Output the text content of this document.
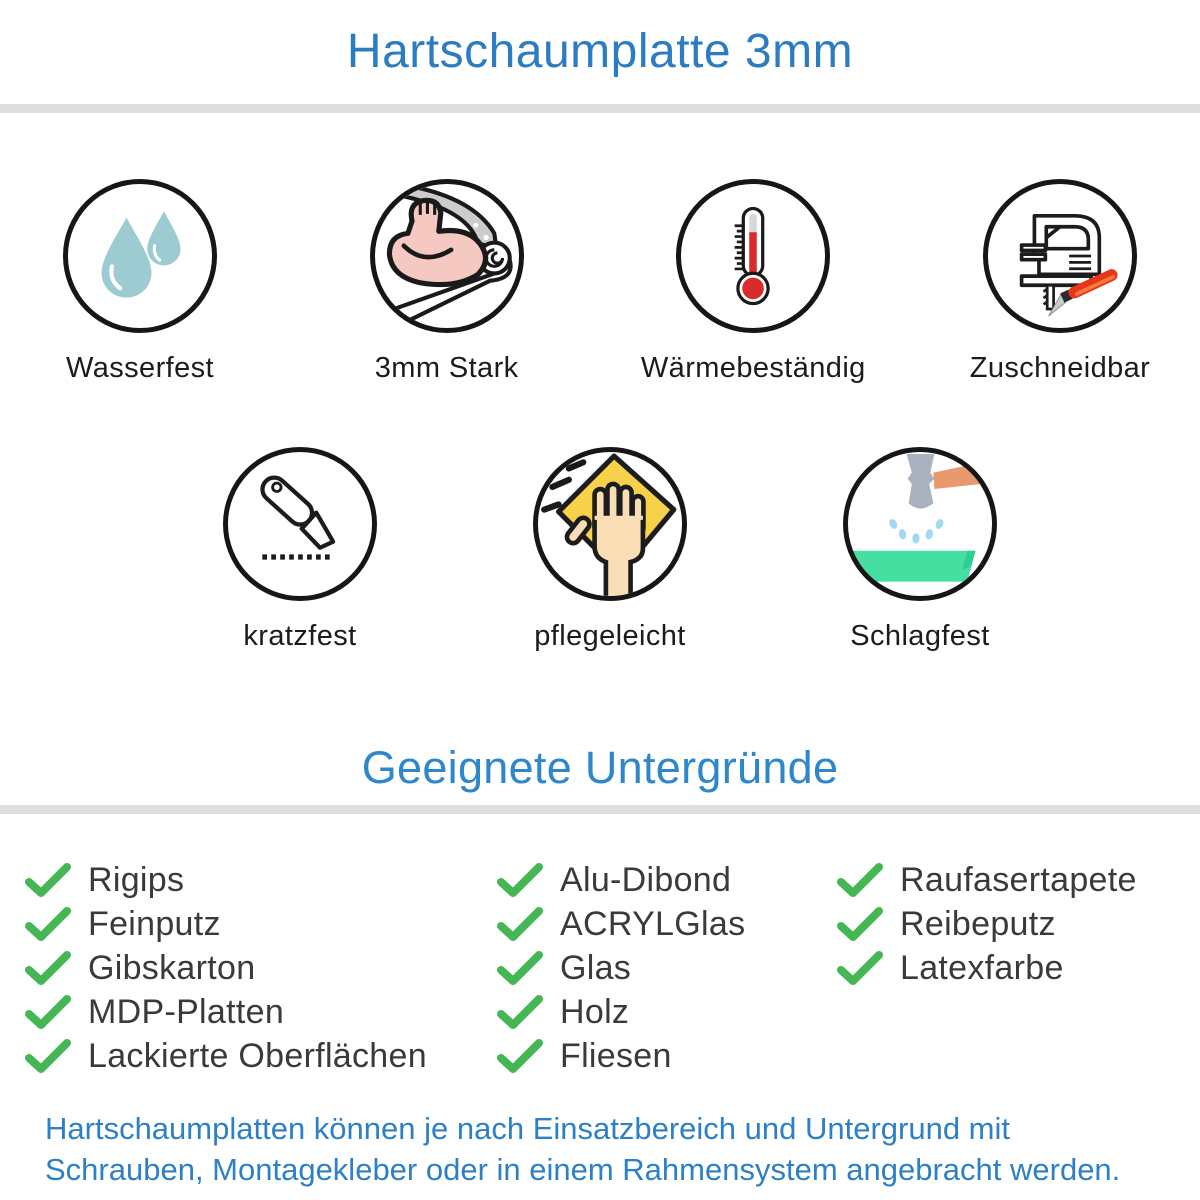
Hartschaumplatte 3mm
Wasserfest	3mm Stark	Wärmebeständig	Zuschneidbar
kratzfest	pflegeleicht	Schlagfest
Geeignete Untergründe
Rigips
Feinputz
Gibskarton
MDP-Platten
Lackierte Oberflächen
Alu-Dibond
ACRYLGlas
Glas
Holz
Fliesen
Raufasertapete
Reibeputz
Latexfarbe
Hartschaumplatten können je nach Einsatzbereich und Untergrund mit
Schrauben, Montagekleber oder in einem Rahmensystem angebracht werden.
